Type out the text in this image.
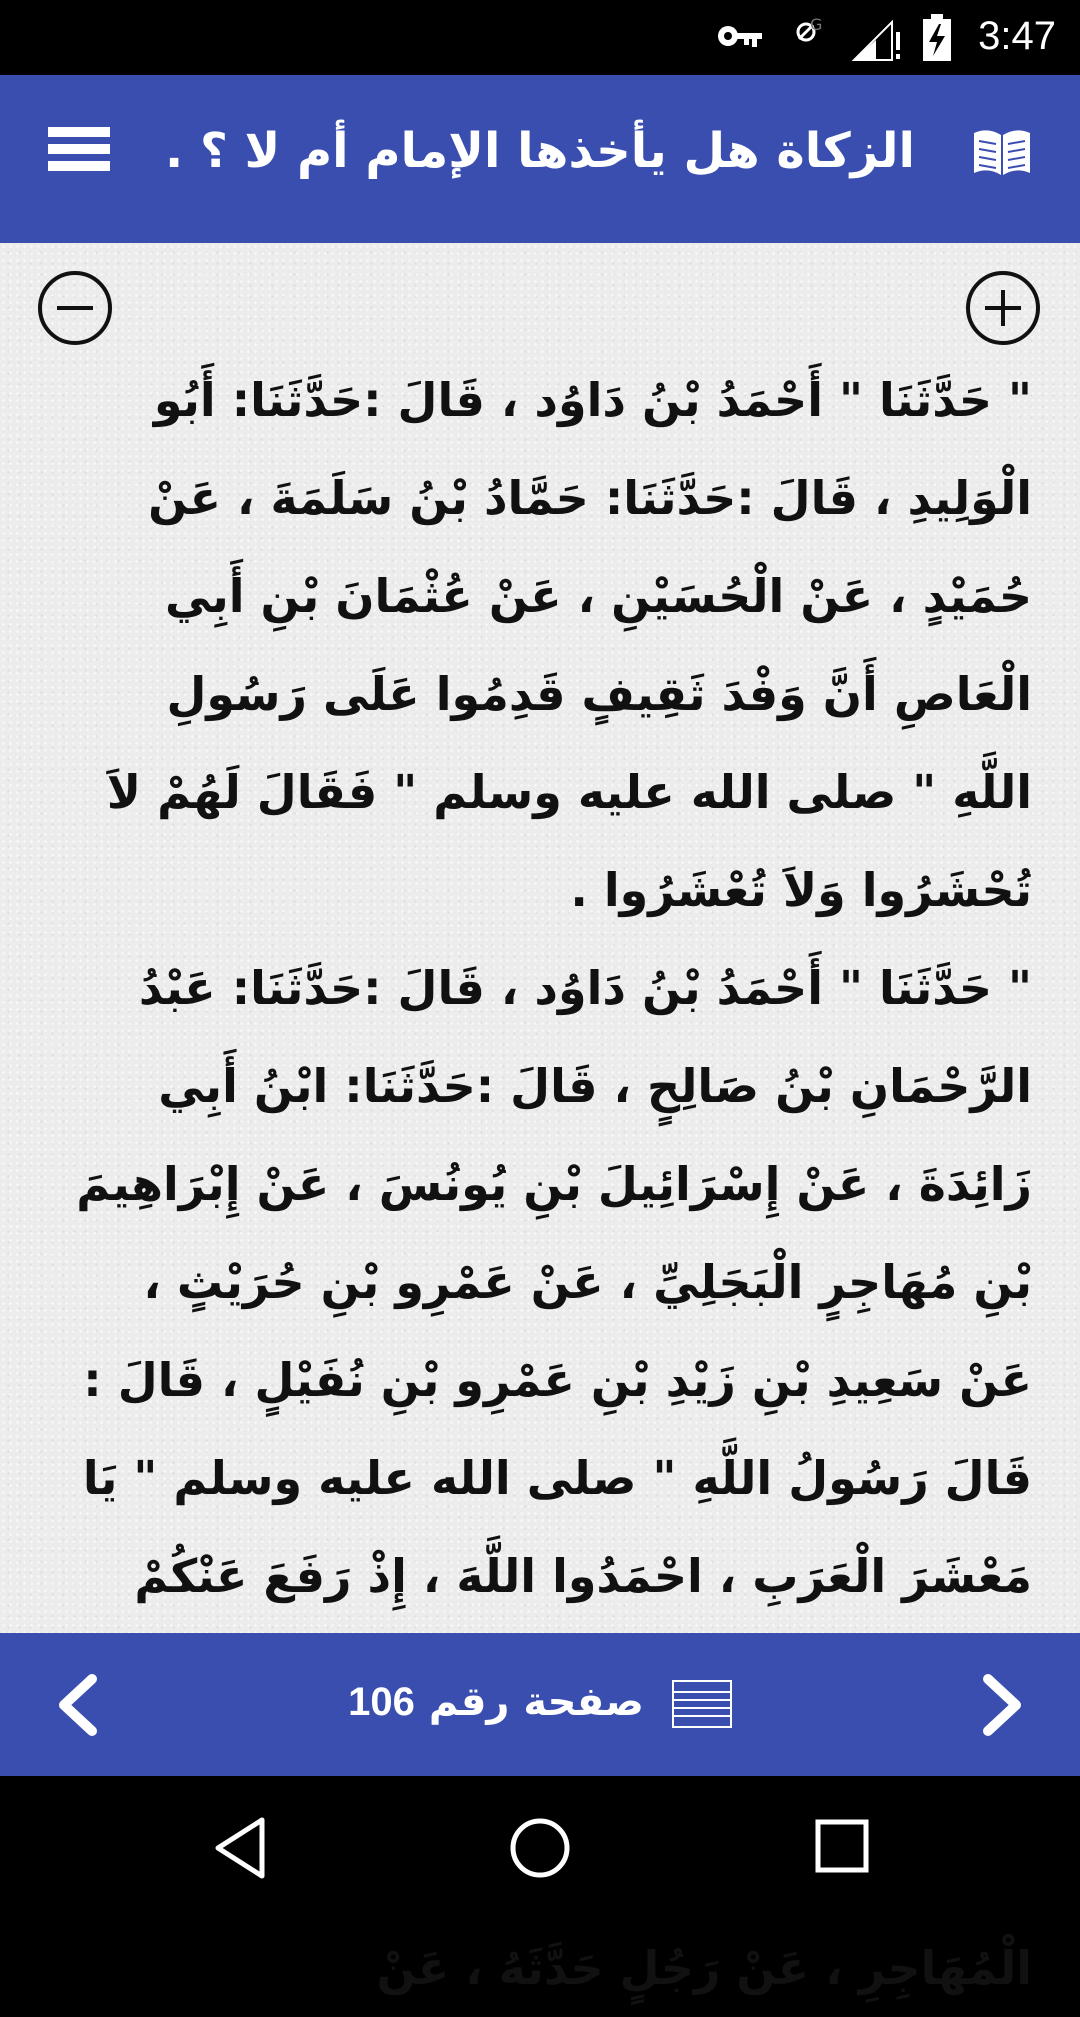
G	3:47
الزكاة هل يأخذها الإمام أم لا ؟ .

" حَدَّثَنَا " أَحْمَدُ بْنُ دَاوُد ، قَالَ :حَدَّثَنَا: أَبُو الْوَلِيدِ ، قَالَ :حَدَّثَنَا: حَمَّادُ بْنُ سَلَمَةَ ، عَنْ حُمَيْدٍ ، عَنْ الْحُسَيْنِ ، عَنْ عُثْمَانَ بْنِ أَبِي الْعَاصِ أَنَّ وَفْدَ ثَقِيفٍ قَدِمُوا عَلَى رَسُولِ اللَّهِ " صلى الله عليه وسلم " فَقَالَ لَهُمْ لاَ تُحْشَرُوا وَلاَ تُعْشَرُوا .

" حَدَّثَنَا " أَحْمَدُ بْنُ دَاوُد ، قَالَ :حَدَّثَنَا: عَبْدُ الرَّحْمَانِ بْنُ صَالِحٍ ، قَالَ :حَدَّثَنَا: ابْنُ أَبِي زَائِدَةَ ، عَنْ إِسْرَائِيلَ بْنِ يُونُسَ ، عَنْ إِبْرَاهِيمَ بْنِ مُهَاجِرٍ الْبَجَلِيِّ ، عَنْ عَمْرِو بْنِ حُرَيْثٍ ، عَنْ سَعِيدِ بْنِ زَيْدِ بْنِ عَمْرِو بْنِ نُفَيْلٍ ، قَالَ : قَالَ رَسُولُ اللَّهِ " صلى الله عليه وسلم " يَا مَعْشَرَ الْعَرَبِ ، احْمَدُوا اللَّهَ ، إِذْ رَفَعَ عَنْكُمْ

الْمُهَاجِرِ ، عَنْ رَجُلٍ حَدَّثَهُ ، عَنْ

106 صفحة رقم
